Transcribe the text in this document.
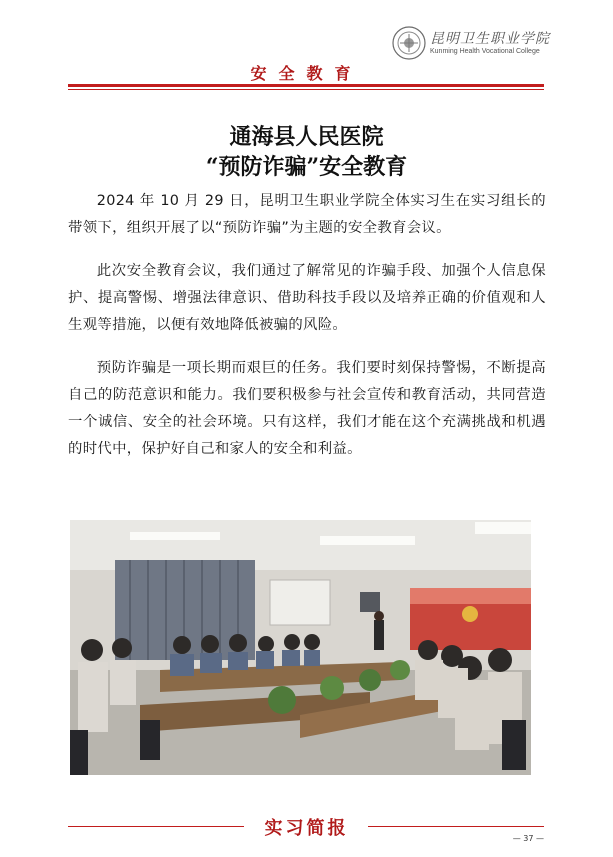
昆明卫生职业学院
Kunming Health Vocational College
安全教育
通海县人民医院
“预防诈骗”安全教育

2024 年 10 月 29 日，昆明卫生职业学院全体实习生在实习组长的带领下，组织开展了以“预防诈骗”为主题的安全教育会议。

此次安全教育会议，我们通过了解常见的诈骗手段、加强个人信息保护、提高警惕、增强法律意识、借助科技手段以及培养正确的价值观和人生观等措施，以便有效地降低被骗的风险。

预防诈骗是一项长期而艰巨的任务。我们要时刻保持警惕，不断提高自己的防范意识和能力。我们要积极参与社会宣传和教育活动，共同营造一个诚信、安全的社会环境。只有这样，我们才能在这个充满挑战和机遇的时代中，保护好自己和家人的安全和利益。

实习简报	— 37 —
